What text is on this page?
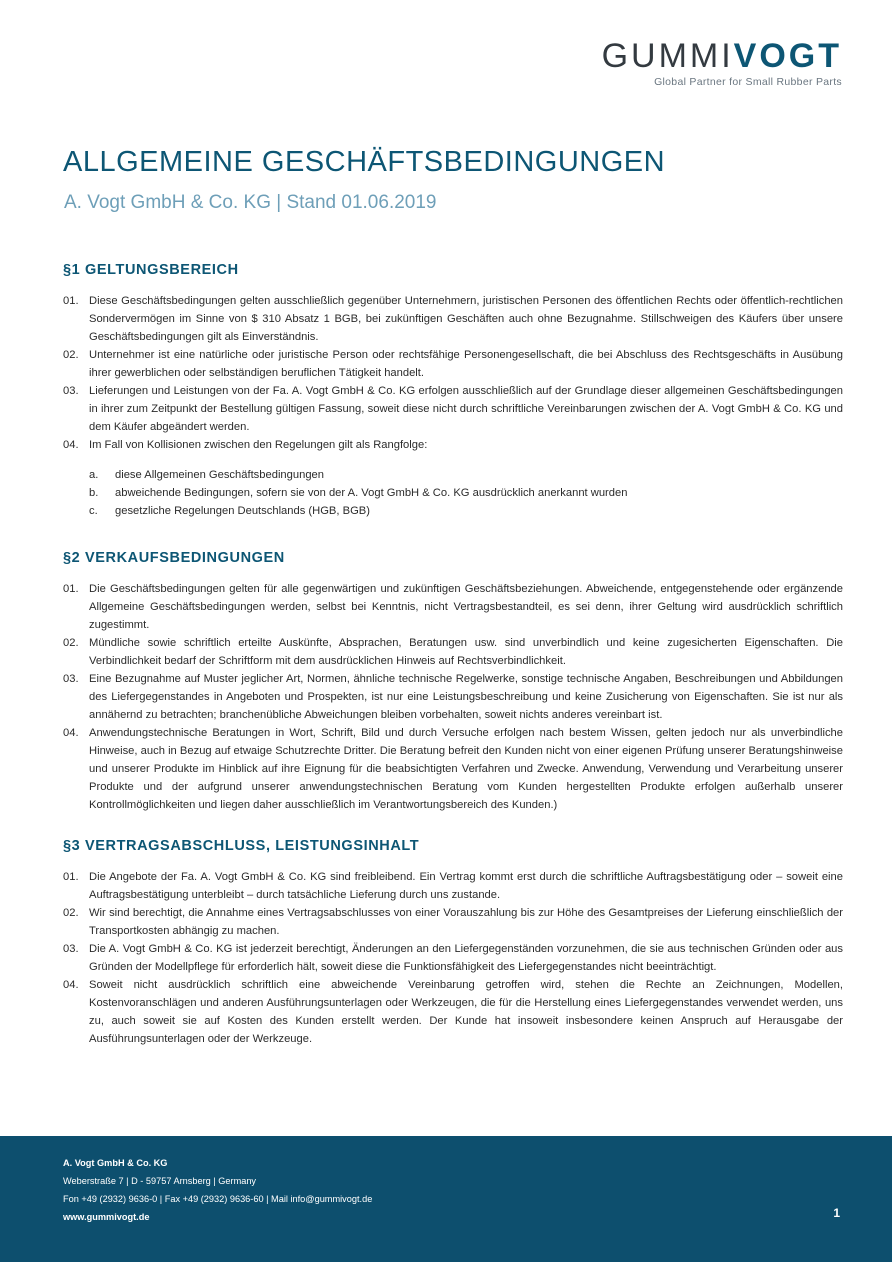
GUMMIVOGT
Global Partner for Small Rubber Parts
ALLGEMEINE GESCHÄFTSBEDINGUNGEN
A. Vogt GmbH & Co. KG | Stand 01.06.2019
§1 GELTUNGSBEREICH
01. Diese Geschäftsbedingungen gelten ausschließlich gegenüber Unternehmern, juristischen Personen des öffentlichen Rechts oder öffentlich-rechtlichen Sondervermögen im Sinne von $ 310 Absatz 1 BGB, bei zukünftigen Geschäften auch ohne Bezugnahme. Stillschweigen des Käufers über unsere Geschäftsbedingungen gilt als Einverständnis.
02. Unternehmer ist eine natürliche oder juristische Person oder rechtsfähige Personengesellschaft, die bei Abschluss des Rechtsgeschäfts in Ausübung ihrer gewerblichen oder selbständigen beruflichen Tätigkeit handelt.
03. Lieferungen und Leistungen von der Fa. A. Vogt GmbH & Co. KG erfolgen ausschließlich auf der Grundlage dieser allgemeinen Geschäftsbedingungen in ihrer zum Zeitpunkt der Bestellung gültigen Fassung, soweit diese nicht durch schriftliche Vereinbarungen zwischen der A. Vogt GmbH & Co. KG und dem Käufer abgeändert werden.
04. Im Fall von Kollisionen zwischen den Regelungen gilt als Rangfolge:
a. diese Allgemeinen Geschäftsbedingungen
b. abweichende Bedingungen, sofern sie von der A. Vogt GmbH & Co. KG ausdrücklich anerkannt wurden
c. gesetzliche Regelungen Deutschlands (HGB, BGB)
§2 VERKAUFSBEDINGUNGEN
01. Die Geschäftsbedingungen gelten für alle gegenwärtigen und zukünftigen Geschäftsbeziehungen. Abweichende, entgegenstehende oder ergänzende Allgemeine Geschäftsbedingungen werden, selbst bei Kenntnis, nicht Vertragsbestandteil, es sei denn, ihrer Geltung wird ausdrücklich schriftlich zugestimmt.
02. Mündliche sowie schriftlich erteilte Auskünfte, Absprachen, Beratungen usw. sind unverbindlich und keine zugesicherten Eigenschaften. Die Verbindlichkeit bedarf der Schriftform mit dem ausdrücklichen Hinweis auf Rechtsverbindlichkeit.
03. Eine Bezugnahme auf Muster jeglicher Art, Normen, ähnliche technische Regelwerke, sonstige technische Angaben, Beschreibungen und Abbildungen des Liefergegenstandes in Angeboten und Prospekten, ist nur eine Leistungsbeschreibung und keine Zusicherung von Eigenschaften. Sie ist nur als annähernd zu betrachten; branchenübliche Abweichungen bleiben vorbehalten, soweit nichts anderes vereinbart ist.
04. Anwendungstechnische Beratungen in Wort, Schrift, Bild und durch Versuche erfolgen nach bestem Wissen, gelten jedoch nur als unverbindliche Hinweise, auch in Bezug auf etwaige Schutzrechte Dritter. Die Beratung befreit den Kunden nicht von einer eigenen Prüfung unserer Beratungshinweise und unserer Produkte im Hinblick auf ihre Eignung für die beabsichtigten Verfahren und Zwecke. Anwendung, Verwendung und Verarbeitung unserer Produkte und der aufgrund unserer anwendungstechnischen Beratung vom Kunden hergestellten Produkte erfolgen außerhalb unserer Kontrollmöglichkeiten und liegen daher ausschließlich im Verantwortungsbereich des Kunden.)
§3 VERTRAGSABSCHLUSS, LEISTUNGSINHALT
01. Die Angebote der Fa. A. Vogt GmbH & Co. KG sind freibleibend. Ein Vertrag kommt erst durch die schriftliche Auftragsbestätigung oder – soweit eine Auftragsbestätigung unterbleibt – durch tatsächliche Lieferung durch uns zustande.
02. Wir sind berechtigt, die Annahme eines Vertragsabschlusses von einer Vorauszahlung bis zur Höhe des Gesamtpreises der Lieferung einschließlich der Transportkosten abhängig zu machen.
03. Die A. Vogt GmbH & Co. KG ist jederzeit berechtigt, Änderungen an den Liefergegenständen vorzunehmen, die sie aus technischen Gründen oder aus Gründen der Modellpflege für erforderlich hält, soweit diese die Funktionsfähigkeit des Liefergegenstandes nicht beeinträchtigt.
04. Soweit nicht ausdrücklich schriftlich eine abweichende Vereinbarung getroffen wird, stehen die Rechte an Zeichnungen, Modellen, Kostenvoranschlägen und anderen Ausführungsunterlagen oder Werkzeugen, die für die Herstellung eines Liefergegenstandes verwendet werden, uns zu, auch soweit sie auf Kosten des Kunden erstellt werden. Der Kunde hat insoweit insbesondere keinen Anspruch auf Herausgabe der Ausführungsunterlagen oder der Werkzeuge.
A. Vogt GmbH & Co. KG
Weberstraße 7 | D - 59757 Arnsberg | Germany
Fon +49 (2932) 9636-0 | Fax +49 (2932) 9636-60 | Mail info@gummivogt.de
www.gummivogt.de	1
